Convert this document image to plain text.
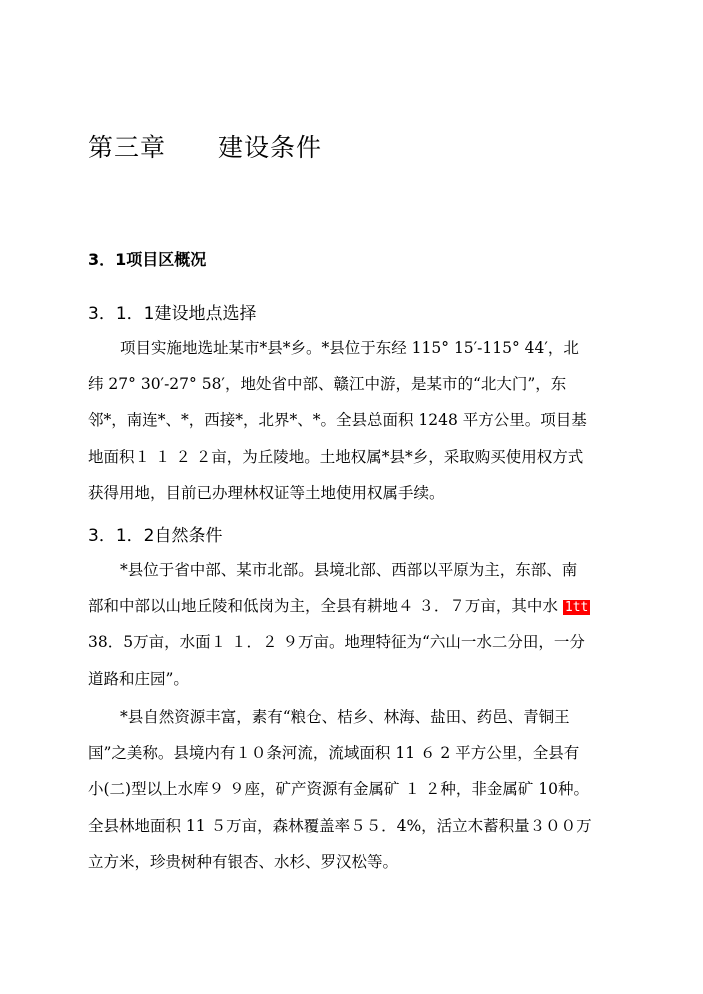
第三章 建设条件
3．1项目区概况
3．1．1建设地点选择
项目实施地选址某市*县*乡。*县位于东经 115° 15′-115° 44′，北
纬 27° 30′-27° 58′，地处省中部、赣江中游，是某市的“北大门”，东
邻*，南连*、*，西接*，北界*、*。全县总面积 1248 平方公里。项目基
地面积１ １ ２ ２亩，为丘陵地。土地权属*县*乡，采取购买使用权方式
获得用地，目前已办理林权证等土地使用权属手续。
3．1．2自然条件
*县位于省中部、某市北部。县境北部、西部以平原为主，东部、南
部和中部以山地丘陵和低岗为主，全县有耕地４ ３．７万亩，其中水 1tt
38．5万亩，水面１ １．２ ９万亩。地理特征为“六山一水二分田，一分
道路和庄园”。
*县自然资源丰富，素有“粮仓、桔乡、林海、盐田、药邑、青铜王
国”之美称。县境内有１０条河流，流域面积 11 ６ 2 平方公里，全县有
小(二)型以上水库９ ９座，矿产资源有金属矿 １ ２种，非金属矿 10种。
全县林地面积 11 ５万亩，森林覆盖率５５．4%，活立木蓄积量３００万
立方米，珍贵树种有银杏、水杉、罗汉松等。
